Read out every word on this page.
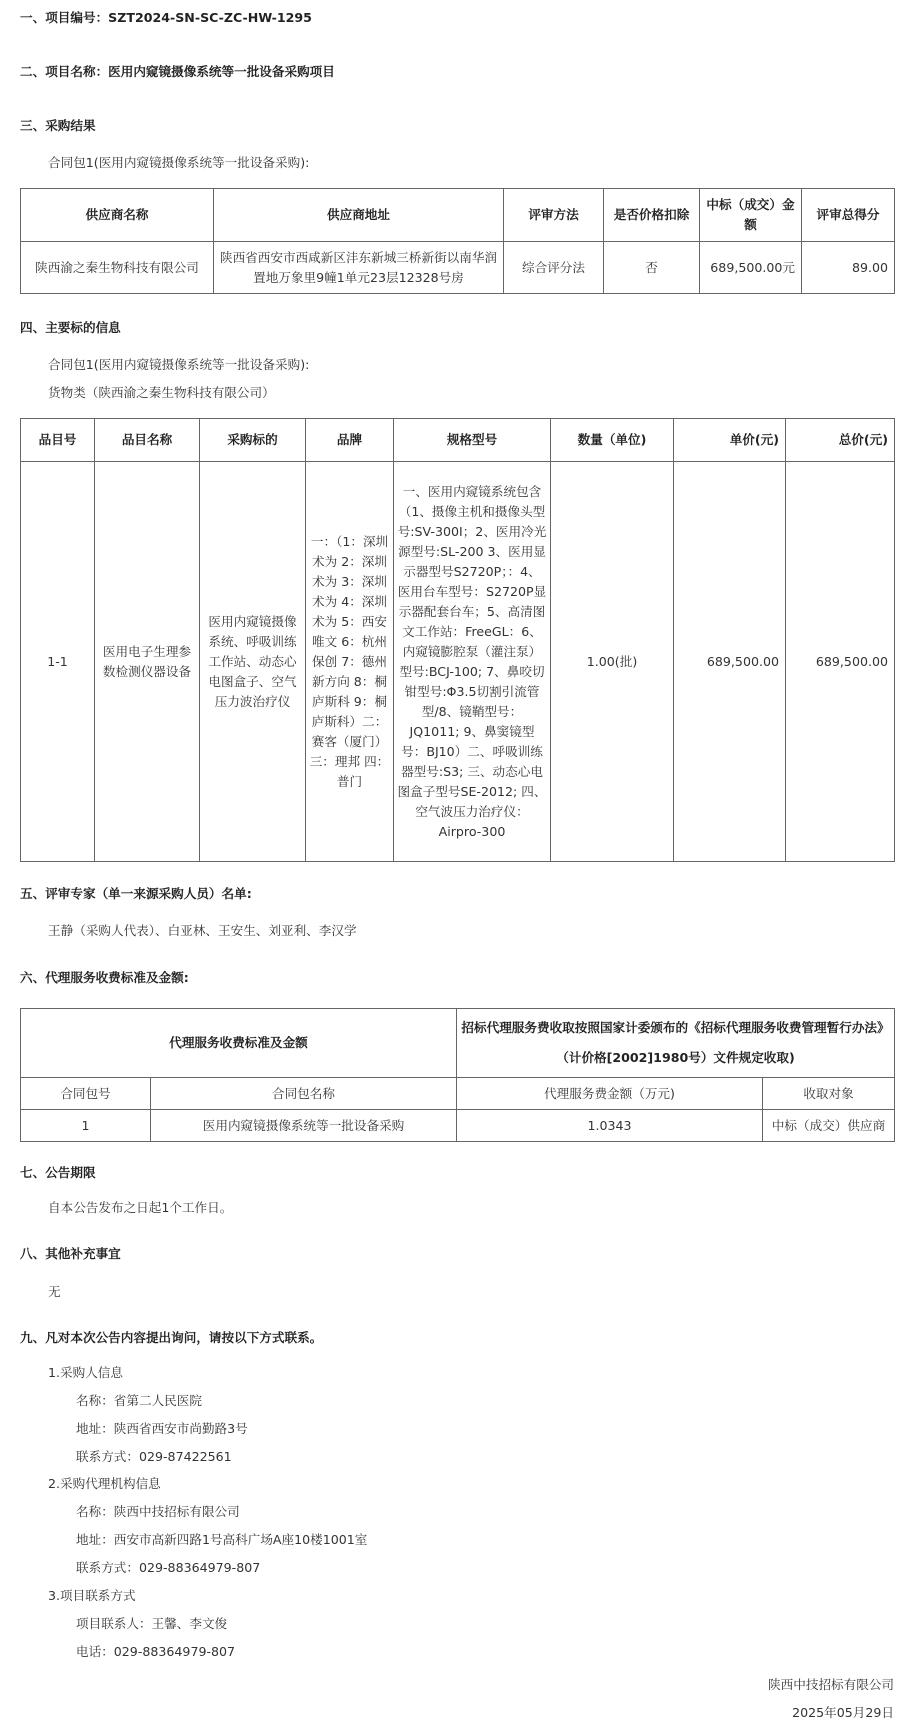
一、项目编号：SZT2024-SN-SC-ZC-HW-1295
二、项目名称：医用内窥镜摄像系统等一批设备采购项目
三、采购结果
合同包1(医用内窥镜摄像系统等一批设备采购):
供应商名称	供应商地址	评审方法	是否价格扣除	中标（成交）金额	评审总得分
陕西渝之秦生物科技有限公司	陕西省西安市西咸新区沣东新城三桥新街以南华润置地万象里9幢1单元23层12328号房	综合评分法	否	689,500.00元	89.00
四、主要标的信息
合同包1(医用内窥镜摄像系统等一批设备采购):
货物类（陕西渝之秦生物科技有限公司）
品目号	品目名称	采购标的	品牌	规格型号	数量（单位)	单价(元)	总价(元)
1-1	医用电子生理参数检测仪器设备	医用内窥镜摄像系统、呼吸训练工作站、动态心电图盒子、空气压力波治疗仪	一：（1：深圳术为 2：深圳术为 3：深圳术为 4：深圳术为 5：西安唯文 6：杭州保创 7：德州新方向 8：桐庐斯科 9：桐庐斯科）二：赛客（厦门）三：理邦 四：普门	一、医用内窥镜系统包含（1、摄像主机和摄像头型号:SV-300I；2、医用冷光源型号:SL-200 3、医用显示器型号S2720P；：4、医用台车型号：S2720P显示器配套台车；5、高清图文工作站：FreeGL：6、内窥镜膨腔泵（灌注泵）型号:BCJ-100; 7、鼻咬切钳型号:Φ3.5切割引流管型/8、镜鞘型号：JQ1011; 9、鼻窦镜型号：BJ10）二、呼吸训练器型号:S3; 三、动态心电图盒子型号SE-2012; 四、空气波压力治疗仪：Airpro-300	1.00(批)	689,500.00	689,500.00
五、评审专家（单一来源采购人员）名单:
王静（采购人代表）、白亚林、王安生、刘亚利、李汉学
六、代理服务收费标准及金额:
代理服务收费标准及金额		招标代理服务费收取按照国家计委颁布的《招标代理服务收费管理暂行办法》（计价格[2002]1980号）文件规定收取)	
合同包号	合同包名称	代理服务费金额（万元)	收取对象
1	医用内窥镜摄像系统等一批设备采购	1.0343	中标（成交）供应商
七、公告期限
自本公告发布之日起1个工作日。
八、其他补充事宜
无
九、凡对本次公告内容提出询问，请按以下方式联系。
1.采购人信息
名称：省第二人民医院
地址：陕西省西安市尚勤路3号
联系方式：029-87422561
2.采购代理机构信息
名称：陕西中技招标有限公司
地址：西安市高新四路1号高科广场A座10楼1001室
联系方式：029-88364979-807
3.项目联系方式
项目联系人：王馨、李文俊
电话：029-88364979-807
陕西中技招标有限公司
2025年05月29日
